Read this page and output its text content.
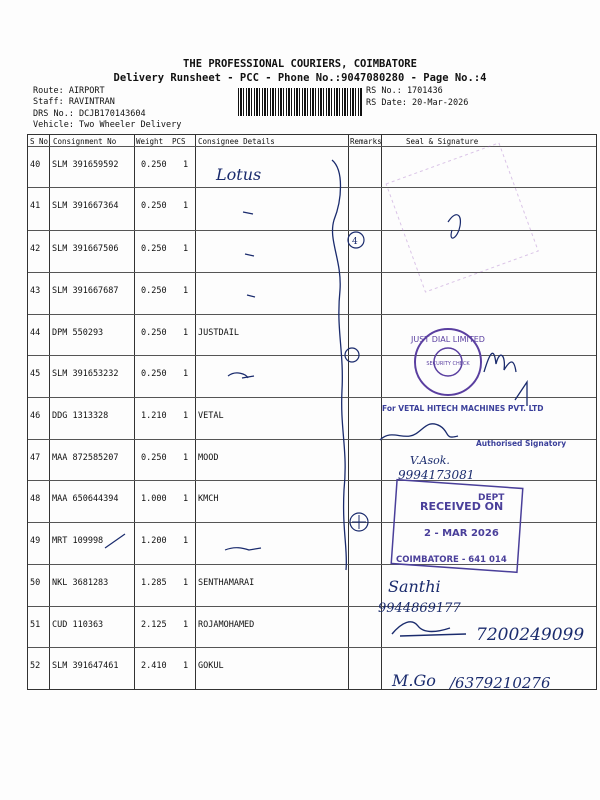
THE PROFESSIONAL COURIERS, COIMBATORE
Delivery Runsheet - PCC - Phone No.:9047080280 - Page No.:4
Route: AIRPORT
Staff: RAVINTRAN
DRS No.: DCJB170143604
Vehicle: Two Wheeler Delivery
RS No.: 1701436
RS Date: 20-Mar-2026
S No Consignment No	Weight PCS Consignee Details	Remarks	Seal & Signature
40 SLM 391659592	0.250 1
41 SLM 391667364	0.250 1
42 SLM 391667506	0.250 1
43 SLM 391667687	0.250 1
44 DPM 550293	0.250 1 JUSTDAIL
45 SLM 391653232	0.250 1
46 DDG 1313328	1.210 1 VETAL
47 MAA 872585207	0.250 1 MOOD
48 MAA 650644394	1.000 1 KMCH
49 MRT 109998	1.200 1
50 NKL 3681283	1.285 1 SENTHAMARAI
51 CUD 110363	2.125 1 ROJAMOHAMED
52 SLM 391647461	2.410 1 GOKUL
Lotus
4
JUST DIAL LIMITED
SECURITY CHECK
For VETAL HITECH MACHINES PVT. LTD
Authorised Signatory
V.Asok.
9994173081
DEPT
RECEIVED ON
2 - MAR 2026
COIMBATORE - 641 014
Santhi
9944869177
7200249099
M.Go /6379210276
